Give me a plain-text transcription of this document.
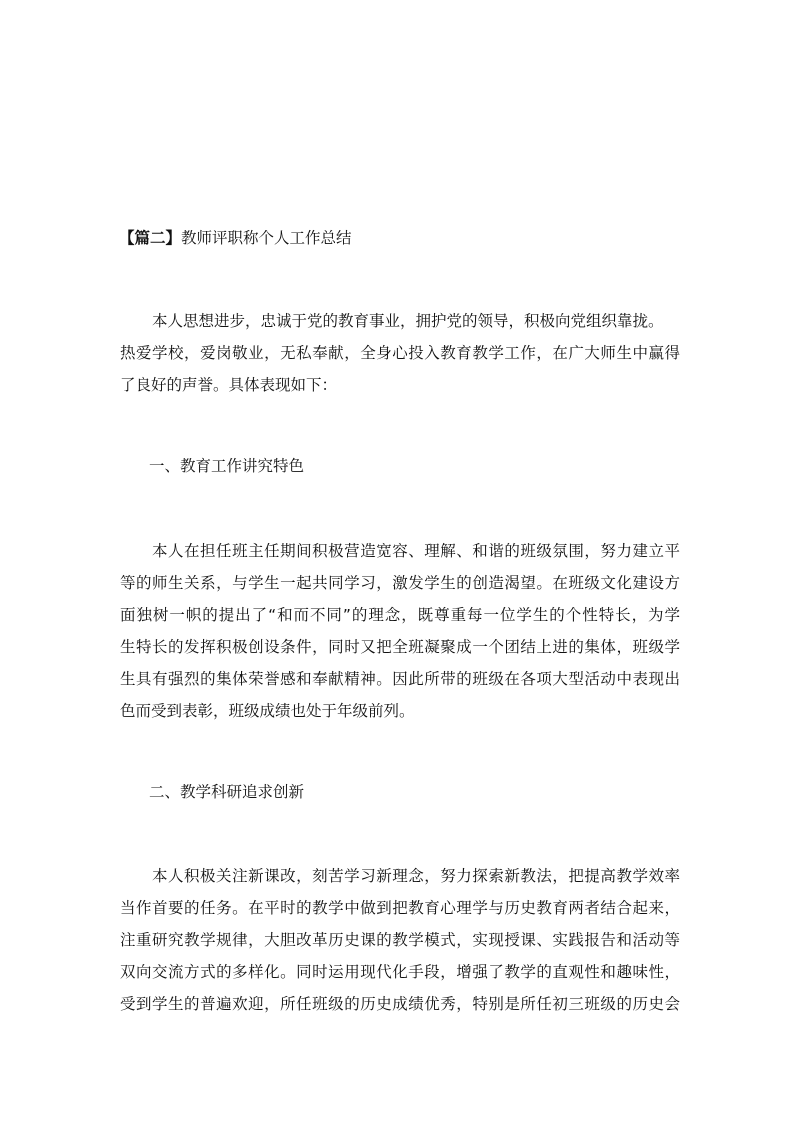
【篇二】教师评职称个人工作总结
本人思想进步，忠诚于党的教育事业，拥护党的领导，积极向党组织靠拢。
热爱学校，爱岗敬业，无私奉献，全身心投入教育教学工作，在广大师生中赢得
了良好的声誉。具体表现如下：
一、教育工作讲究特色
本人在担任班主任期间积极营造宽容、理解、和谐的班级氛围，努力建立平
等的师生关系，与学生一起共同学习，激发学生的创造渴望。在班级文化建设方
面独树一帜的提出了“和而不同”的理念，既尊重每一位学生的个性特长，为学
生特长的发挥积极创设条件，同时又把全班凝聚成一个团结上进的集体，班级学
生具有强烈的集体荣誉感和奉献精神。因此所带的班级在各项大型活动中表现出
色而受到表彰，班级成绩也处于年级前列。
二、教学科研追求创新
本人积极关注新课改，刻苦学习新理念，努力探索新教法，把提高教学效率
当作首要的任务。在平时的教学中做到把教育心理学与历史教育两者结合起来，
注重研究教学规律，大胆改革历史课的教学模式，实现授课、实践报告和活动等
双向交流方式的多样化。同时运用现代化手段，增强了教学的直观性和趣味性，
受到学生的普遍欢迎，所任班级的历史成绩优秀，特别是所任初三班级的历史会
